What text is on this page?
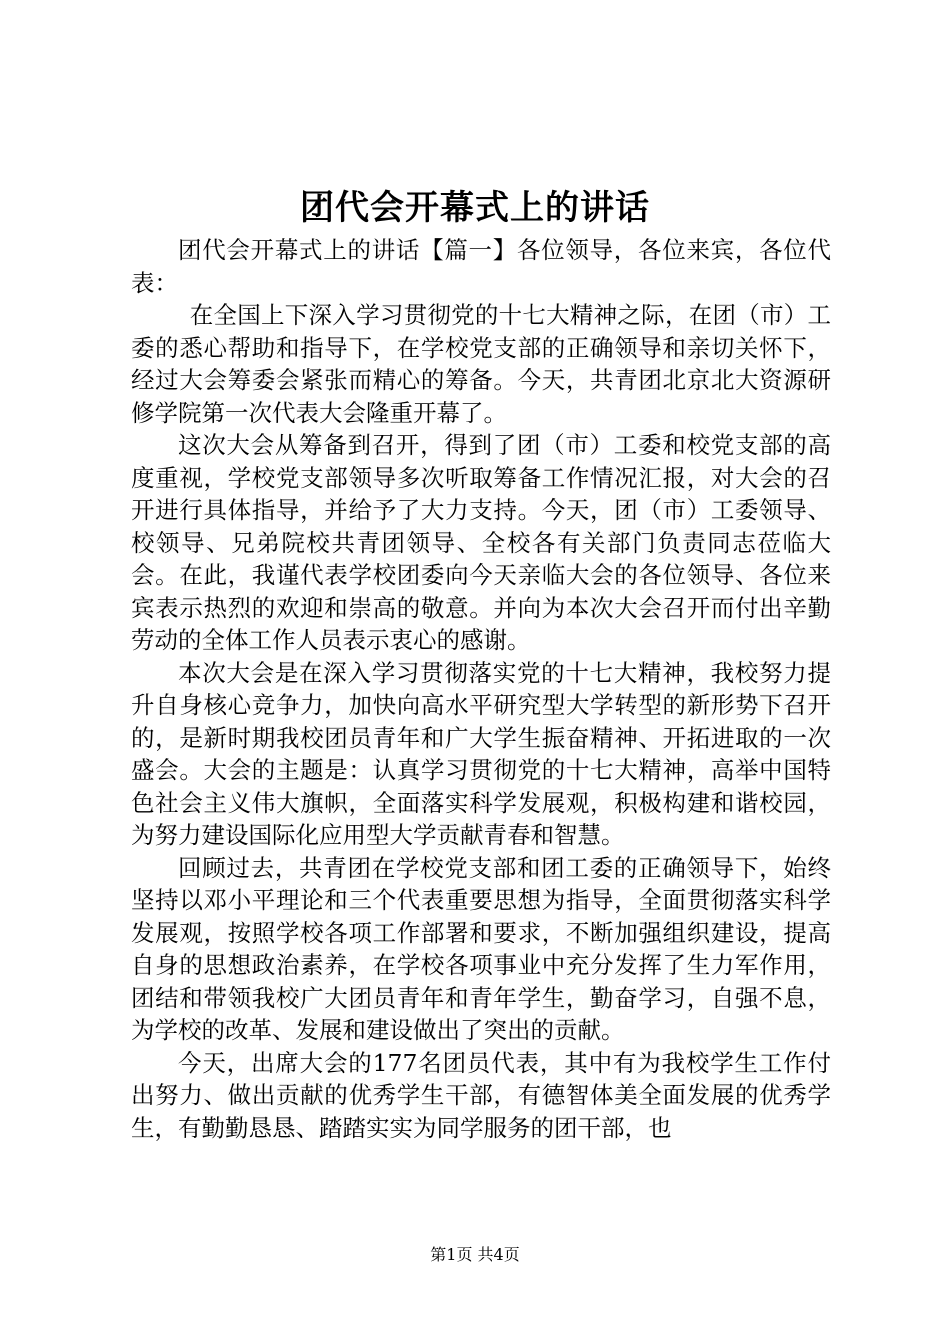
团代会开幕式上的讲话

团代会开幕式上的讲话【篇一】各位领导，各位来宾，各位代表：

在全国上下深入学习贯彻党的十七大精神之际，在团（市）工委的悉心帮助和指导下，在学校党支部的正确领导和亲切关怀下，经过大会筹委会紧张而精心的筹备。今天，共青团北京北大资源研修学院第一次代表大会隆重开幕了。

这次大会从筹备到召开，得到了团（市）工委和校党支部的高度重视，学校党支部领导多次听取筹备工作情况汇报，对大会的召开进行具体指导，并给予了大力支持。今天，团（市）工委领导、校领导、兄弟院校共青团领导、全校各有关部门负责同志莅临大会。在此，我谨代表学校团委向今天亲临大会的各位领导、各位来宾表示热烈的欢迎和崇高的敬意。并向为本次大会召开而付出辛勤劳动的全体工作人员表示衷心的感谢。

本次大会是在深入学习贯彻落实党的十七大精神，我校努力提升自身核心竞争力，加快向高水平研究型大学转型的新形势下召开的，是新时期我校团员青年和广大学生振奋精神、开拓进取的一次盛会。大会的主题是：认真学习贯彻党的十七大精神，高举中国特色社会主义伟大旗帜，全面落实科学发展观，积极构建和谐校园，为努力建设国际化应用型大学贡献青春和智慧。

回顾过去，共青团在学校党支部和团工委的正确领导下，始终坚持以邓小平理论和三个代表重要思想为指导，全面贯彻落实科学发展观，按照学校各项工作部署和要求，不断加强组织建设，提高自身的思想政治素养，在学校各项事业中充分发挥了生力军作用，团结和带领我校广大团员青年和青年学生，勤奋学习，自强不息，为学校的改革、发展和建设做出了突出的贡献。

今天，出席大会的177名团员代表，其中有为我校学生工作付出努力、做出贡献的优秀学生干部，有德智体美全面发展的优秀学生，有勤勤恳恳、踏踏实实为同学服务的团干部，也

第1页 共4页
